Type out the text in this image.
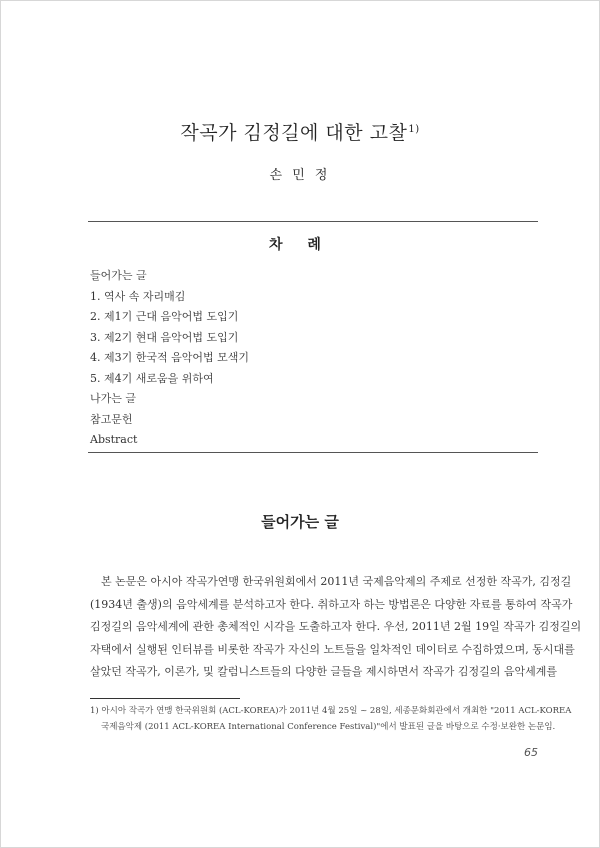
작곡가 김정길에 대한 고찰$^{1)}$
손 민 정
차 례
들어가는 글
1. 역사 속 자리매김
2. 제1기 근대 음악어법 도입기
3. 제2기 현대 음악어법 도입기
4. 제3기 한국적 음악어법 모색기
5. 제4기 새로움을 위하여
나가는 글
참고문헌
Abstract
들어가는 글

본 논문은 아시아 작곡가연맹 한국위원회에서 2011년 국제음악제의 주제로 선정한 작곡가, 김정길
(1934년 출생)의 음악세계를 분석하고자 한다. 취하고자 하는 방법론은 다양한 자료를 통하여 작곡가
김정길의 음악세계에 관한 총체적인 시각을 도출하고자 한다. 우선, 2011년 2월 19일 작곡가 김정길의
자택에서 실행된 인터뷰를 비롯한 작곡가 자신의 노트들을 일차적인 데이터로 수집하였으며, 동시대를
살았던 작곡가, 이론가, 및 칼럼니스트들의 다양한 글들을 제시하면서 작곡가 김정길의 음악세계를

1) 아시아 작곡가 연맹 한국위원회 (ACL-KOREA)가 2011년 4월 25일 ~ 28일, 세종문화회관에서 개최한 "2011 ACL-KOREA
국제음악제 (2011 ACL-KOREA International Conference Festival)"에서 발표된 글을 바탕으로 수정·보완한 논문임.

65
